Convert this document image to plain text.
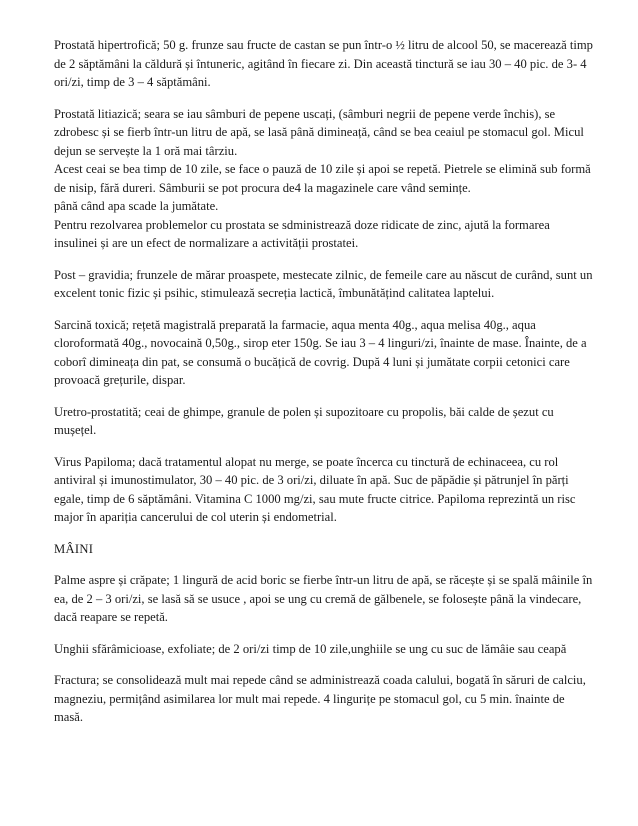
Prostată hipertrofică; 50 g. frunze sau fructe de castan se pun într-o ½ litru de alcool 50, se macerează timp de 2 săptămâni la căldură și întuneric, agitând în fiecare zi. Din această tinctură se iau 30 – 40 pic. de 3- 4 ori/zi, timp de 3 – 4 săptămâni.

Prostată litiazică; seara se iau sâmburi de pepene uscați, (sâmburi negrii de pepene verde închis), se zdrobesc și se fierb într-un litru de apă, se lasă până dimineață, când se bea ceaiul pe stomacul gol. Micul dejun se servește la 1 oră mai târziu.

Acest ceai se bea timp de 10 zile, se face o pauză de 10 zile și apoi se repetă. Pietrele se elimină sub formă de nisip, fără dureri. Sâmburii se pot procura de4 la magazinele care vând semințe.

până când apa scade la jumătate.

Pentru rezolvarea problemelor cu prostata se sdministrează doze ridicate de zinc, ajută la formarea insulinei și are un efect de normalizare a activității prostatei.

Post – gravidia; frunzele de mărar proaspete, mestecate zilnic, de femeile care au născut de curând, sunt un excelent tonic fizic și psihic, stimulează secreția lactică, îmbunătățind calitatea laptelui.

Sarcină toxică; rețetă magistrală preparată la farmacie, aqua menta 40g., aqua melisa 40g., aqua cloroformată 40g., novocaină 0,50g., sirop eter 150g. Se iau 3 – 4 linguri/zi, înainte de mase. Înainte, de a coborî dimineața din pat, se consumă o bucățică de covrig. După 4 luni și jumătate corpii cetonici care provoacă grețurile, dispar.

Uretro-prostatită; ceai de ghimpe, granule de polen și supozitoare cu propolis, băi calde de șezut cu mușețel.

Virus Papiloma; dacă tratamentul alopat nu merge, se poate încerca cu tinctură de echinaceea, cu rol antiviral și imunostimulator, 30 – 40 pic. de 3 ori/zi, diluate în apă. Suc de păpădie și pătrunjel în părți egale, timp de 6 săptămâni. Vitamina C 1000 mg/zi, sau mute fructe citrice. Papiloma reprezintă un risc major în apariția cancerului de col uterin și endometrial.

MÂINI

Palme aspre și crăpate; 1 lingură de acid boric se fierbe într-un litru de apă, se răcește și se spală mâinile în ea, de 2 – 3 ori/zi, se lasă să se usuce , apoi se ung cu cremă de gălbenele, se folosește până la vindecare, dacă reapare se repetă.

Unghii sfărâmicioase, exfoliate; de 2 ori/zi timp de 10 zile,unghiile se ung cu suc de lămâie sau ceapă

Fractura; se consolidează mult mai repede când se administrează coada calului, bogată în săruri de calciu, magneziu, permițând asimilarea lor mult mai repede. 4 lingurițe pe stomacul gol, cu 5 min. înainte de masă.
